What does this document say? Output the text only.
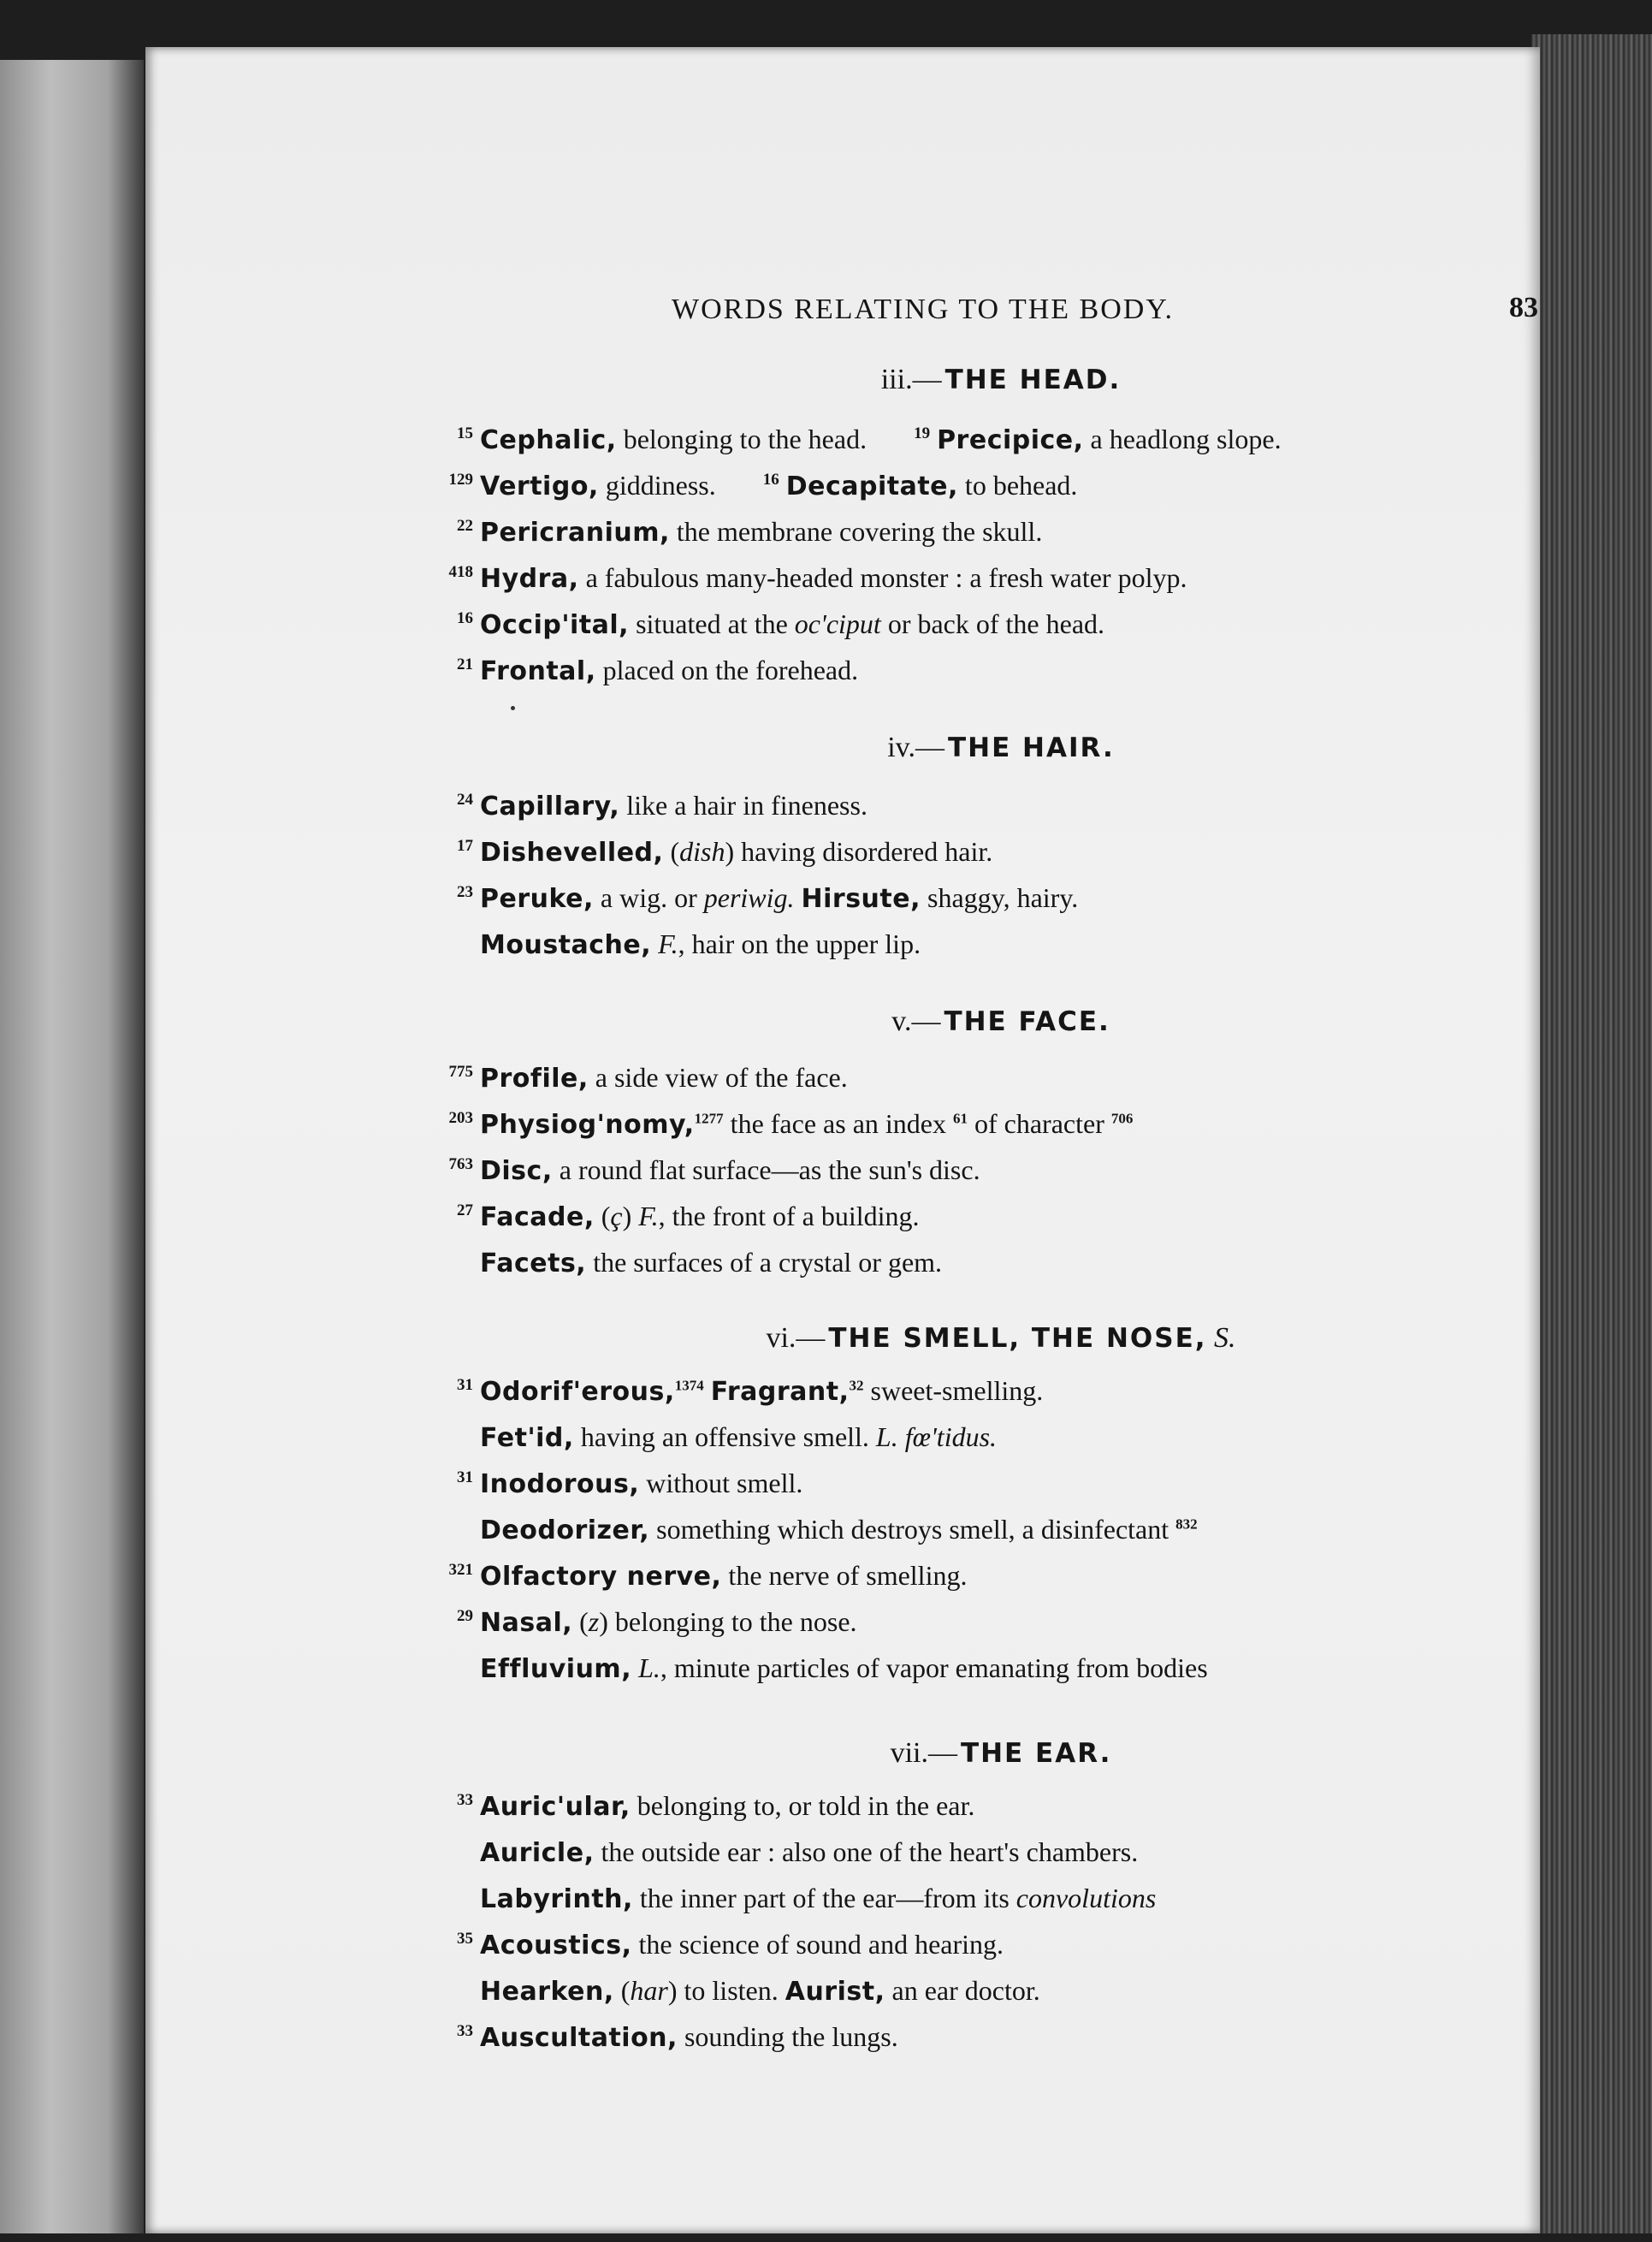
WORDS RELATING TO THE BODY.	83
iii.— THE HEAD.
iv.— THE HAIR.
v.— THE FACE.
vi.— THE SMELL, THE NOSE, S.
vii.— THE EAR.
15 Cephalic, belonging to the head. 19 Precipice, a headlong slope.
129 Vertigo, giddiness. 16 Decapitate, to behead.
22 Pericranium, the membrane covering the skull.
418 Hydra, a fabulous many-headed monster : a fresh water polyp.
16 Occip'ital, situated at the oc'ciput or back of the head.
21 Frontal, placed on the forehead.
24 Capillary, like a hair in fineness.
17 Dishevelled, (dish) having disordered hair.
23 Peruke, a wig. or periwig. Hirsute, shaggy, hairy.
Moustache, F., hair on the upper lip.
775 Profile, a side view of the face.
203 Physiog'nomy,$^{1277}$ the face as an index $^{61}$ of character $^{706}$
763 Disc, a round flat surface—as the sun's disc.
27 Facade, (ç) F., the front of a building.
Facets, the surfaces of a crystal or gem.
31 Odorif'erous,$^{1374}$ Fragrant,$^{32}$ sweet-smelling.
Fet'id, having an offensive smell. L. fœ'tidus.
31 Inodorous, without smell.
Deodorizer, something which destroys smell, a disinfectant $^{832}$
321 Olfactory nerve, the nerve of smelling.
29 Nasal, (z) belonging to the nose.
Effluvium, L., minute particles of vapor emanating from bodies
33 Auric'ular, belonging to, or told in the ear.
Auricle, the outside ear : also one of the heart's chambers.
Labyrinth, the inner part of the ear—from its convolutions
35 Acoustics, the science of sound and hearing.
Hearken, (har) to listen. Aurist, an ear doctor.
33 Auscultation, sounding the lungs.
